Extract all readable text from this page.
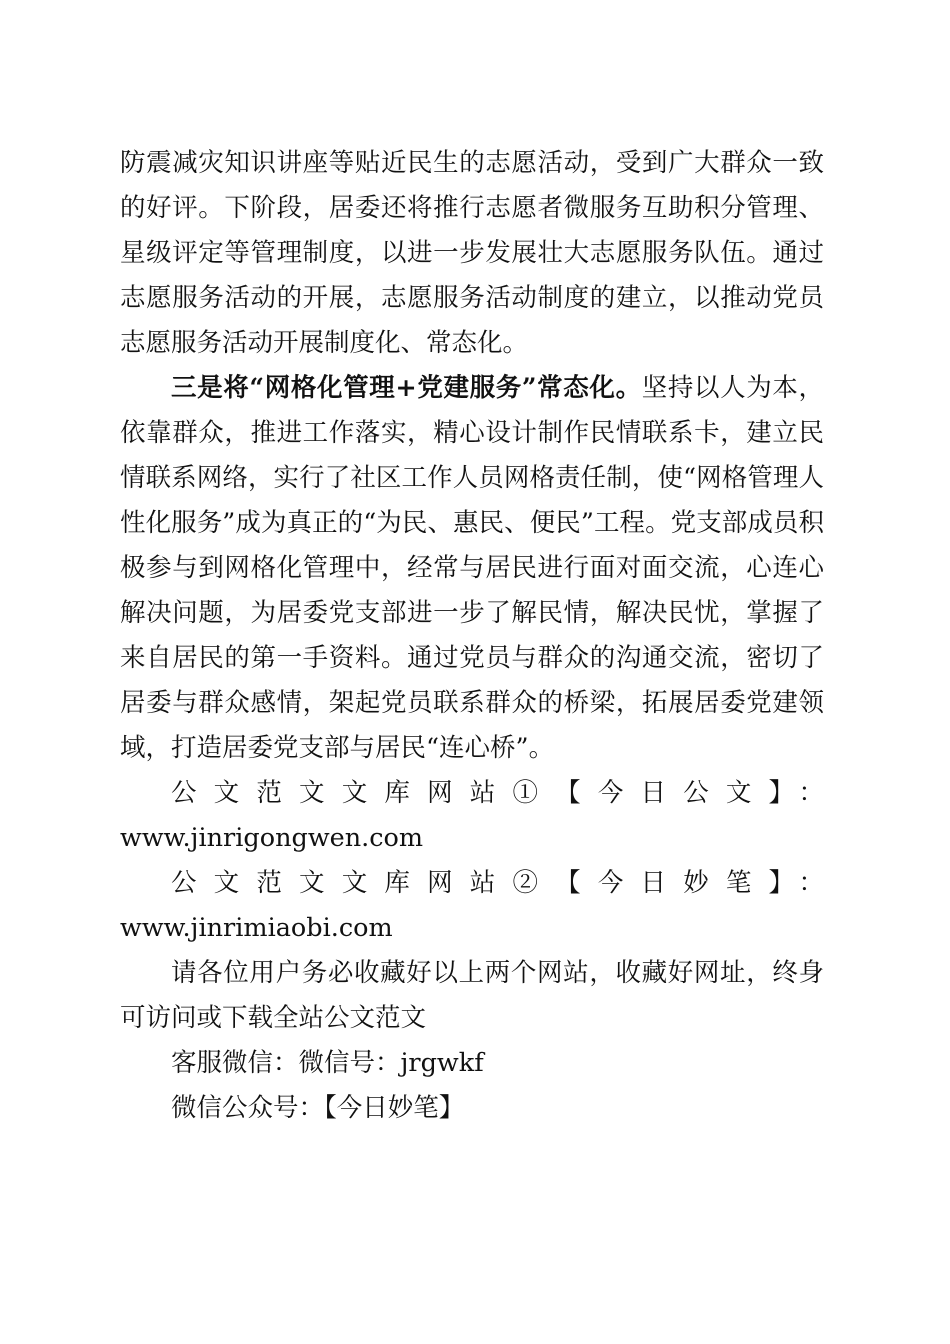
防震减灾知识讲座等贴近民生的志愿活动，受到广大群众一致的好评。下阶段，居委还将推行志愿者微服务互助积分管理、星级评定等管理制度，以进一步发展壮大志愿服务队伍。通过志愿服务活动的开展，志愿服务活动制度的建立，以推动党员志愿服务活动开展制度化、常态化。

三是将“网格化管理+党建服务”常态化。坚持以人为本，依靠群众，推进工作落实，精心设计制作民情联系卡，建立民情联系网络，实行了社区工作人员网格责任制，使“网格管理人性化服务”成为真正的“为民、惠民、便民”工程。党支部成员积极参与到网格化管理中，经常与居民进行面对面交流，心连心解决问题，为居委党支部进一步了解民情，解决民忧，掌握了来自居民的第一手资料。通过党员与群众的沟通交流，密切了居委与群众感情，架起党员联系群众的桥梁，拓展居委党建领域，打造居委党支部与居民“连心桥”。

公文范文文库网站①【今日公文】：

www.jinrigongwen.com

公文范文文库网站②【今日妙笔】：www.jinrimiaobi.com

请各位用户务必收藏好以上两个网站，收藏好网址，终身可访问或下载全站公文范文

客服微信：微信号：jrgwkf

微信公众号：【今日妙笔】
